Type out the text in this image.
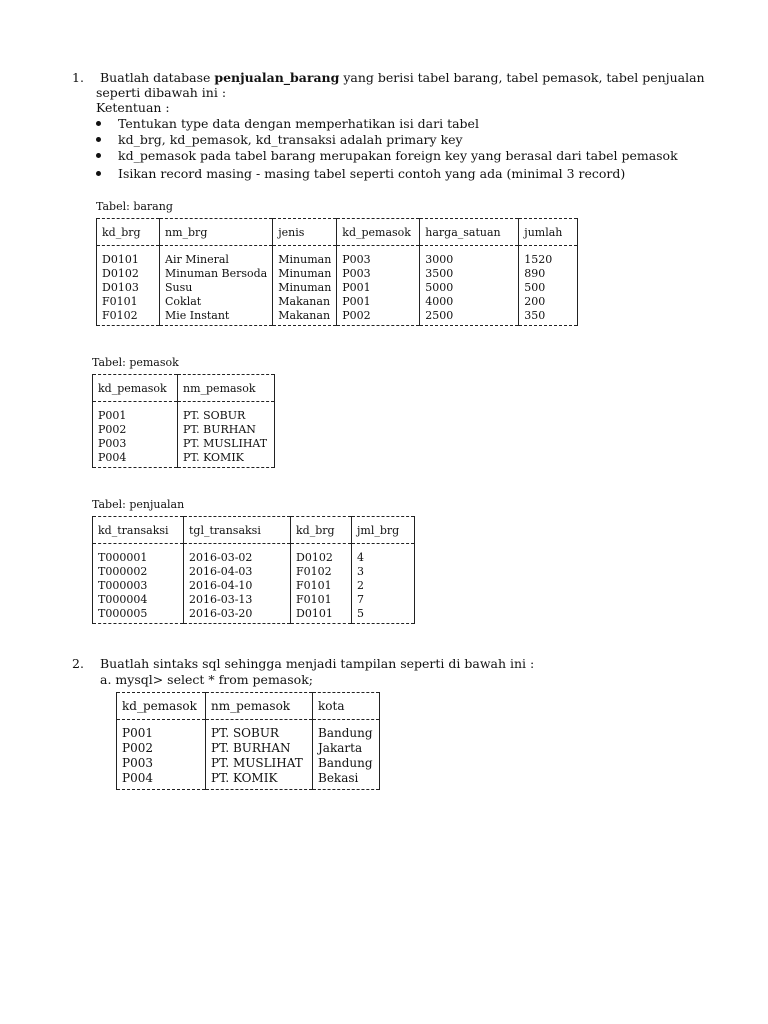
1. Buatlah database penjualan_barang yang berisi tabel barang, tabel pemasok, tabel penjualan
seperti dibawah ini :
Ketentuan :
Tentukan type data dengan memperhatikan isi dari tabel
kd_brg, kd_pemasok, kd_transaksi adalah primary key
kd_pemasok pada tabel barang merupakan foreign key yang berasal dari tabel pemasok
Isikan record masing - masing tabel seperti contoh yang ada (minimal 3 record)
Tabel: barang
kd_brg	nm_brg	jenis	kd_pemasok	harga_satuan	jumlah
D0101	Air Mineral	Minuman	P003	3000	1520
D0102	Minuman Bersoda	Minuman	P003	3500	890
D0103	Susu	Minuman	P001	5000	500
F0101	Coklat	Makanan	P001	4000	200
F0102	Mie Instant	Makanan	P002	2500	350
Tabel: pemasok
kd_pemasok	nm_pemasok
P001	PT. SOBUR
P002	PT. BURHAN
P003	PT. MUSLIHAT
P004	PT. KOMIK
Tabel: penjualan
kd_transaksi	tgl_transaksi	kd_brg	jml_brg
T000001	2016-03-02	D0102	4
T000002	2016-04-03	F0102	3
T000003	2016-04-10	F0101	2
T000004	2016-03-13	F0101	7
T000005	2016-03-20	D0101	5
2. Buatlah sintaks sql sehingga menjadi tampilan seperti di bawah ini :
a. mysql> select * from pemasok;
kd_pemasok	nm_pemasok	kota
P001	PT. SOBUR	Bandung
P002	PT. BURHAN	Jakarta
P003	PT. MUSLIHAT	Bandung
P004	PT. KOMIK	Bekasi
